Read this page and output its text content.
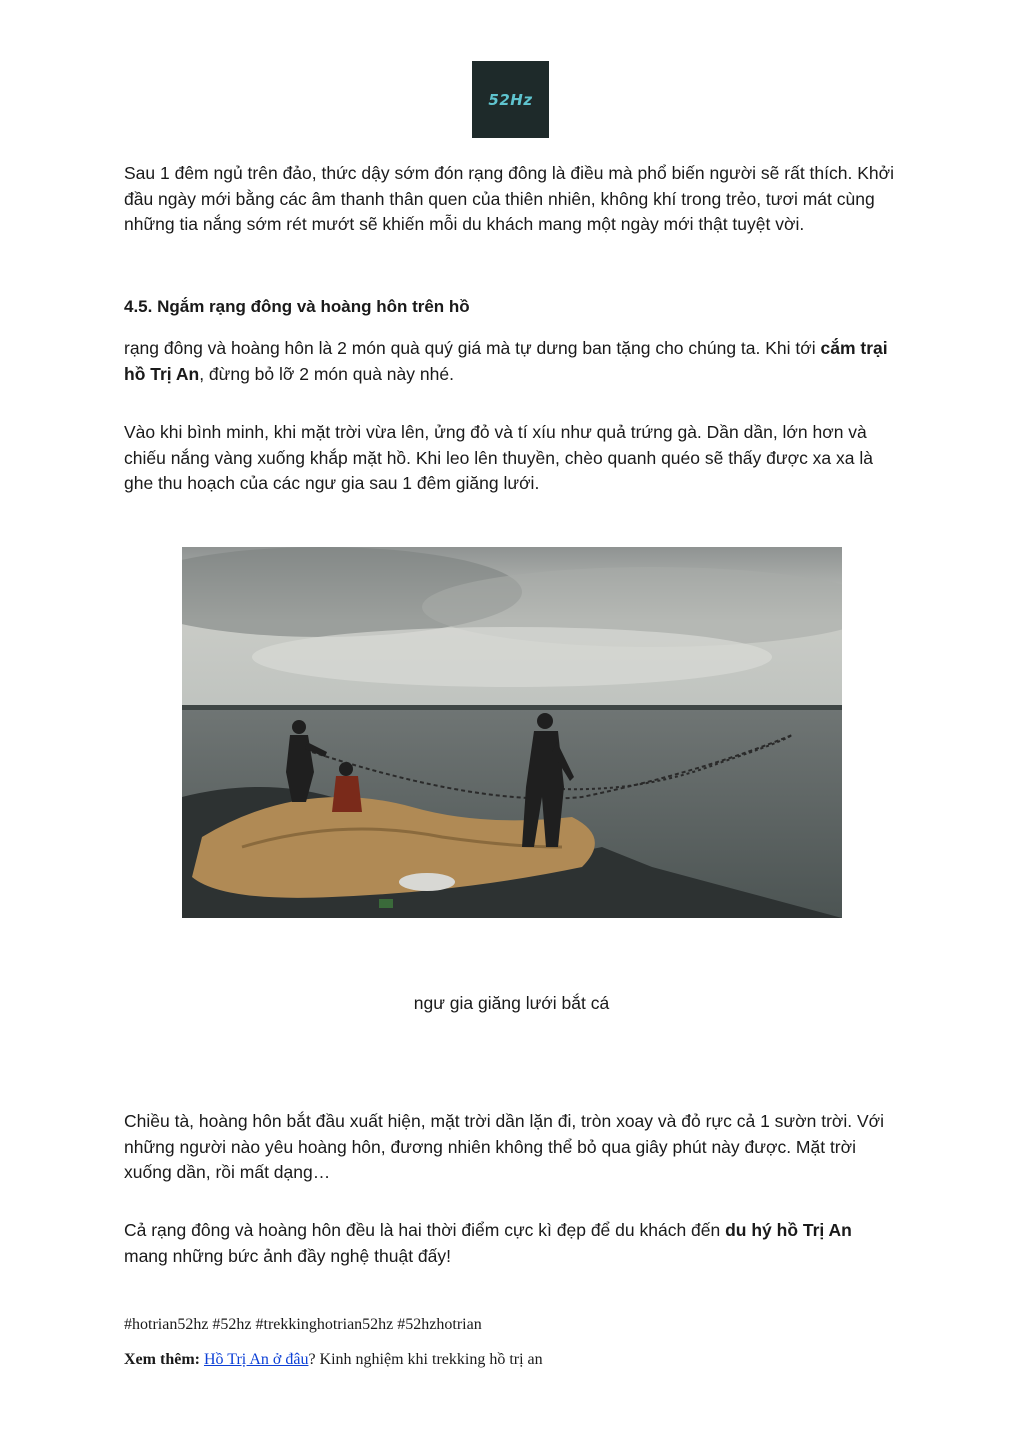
52Hz

Sau 1 đêm ngủ trên đảo, thức dậy sớm đón rạng đông là điều mà phổ biến người sẽ rất thích. Khởi đầu ngày mới bằng các âm thanh thân quen của thiên nhiên, không khí trong trẻo, tươi mát cùng những tia nắng sớm rét mướt sẽ khiến mỗi du khách mang một ngày mới thật tuyệt vời.

4.5. Ngắm rạng đông và hoàng hôn trên hồ

rạng đông và hoàng hôn là 2 món quà quý giá mà tự dưng ban tặng cho chúng ta. Khi tới cắm trại hồ Trị An, đừng bỏ lỡ 2 món quà này nhé.

Vào khi bình minh, khi mặt trời vừa lên, ửng đỏ và tí xíu như quả trứng gà. Dần dần, lớn hơn và chiếu nắng vàng xuống khắp mặt hồ. Khi leo lên thuyền, chèo quanh quéo sẽ thấy được xa xa là ghe thu hoạch của các ngư gia sau 1 đêm giăng lưới.

ngư gia giăng lưới bắt cá

Chiều tà, hoàng hôn bắt đầu xuất hiện, mặt trời dần lặn đi, tròn xoay và đỏ rực cả 1 sườn trời. Với những người nào yêu hoàng hôn, đương nhiên không thể bỏ qua giây phút này được. Mặt trời xuống dần, rồi mất dạng…

Cả rạng đông và hoàng hôn đều là hai thời điểm cực kì đẹp để du khách đến du hý hồ Trị An mang những bức ảnh đầy nghệ thuật đấy!

#hotrian52hz #52hz #trekkinghotrian52hz #52hzhotrian
Xem thêm: Hồ Trị An ở đâu? Kinh nghiệm khi trekking hồ trị an
